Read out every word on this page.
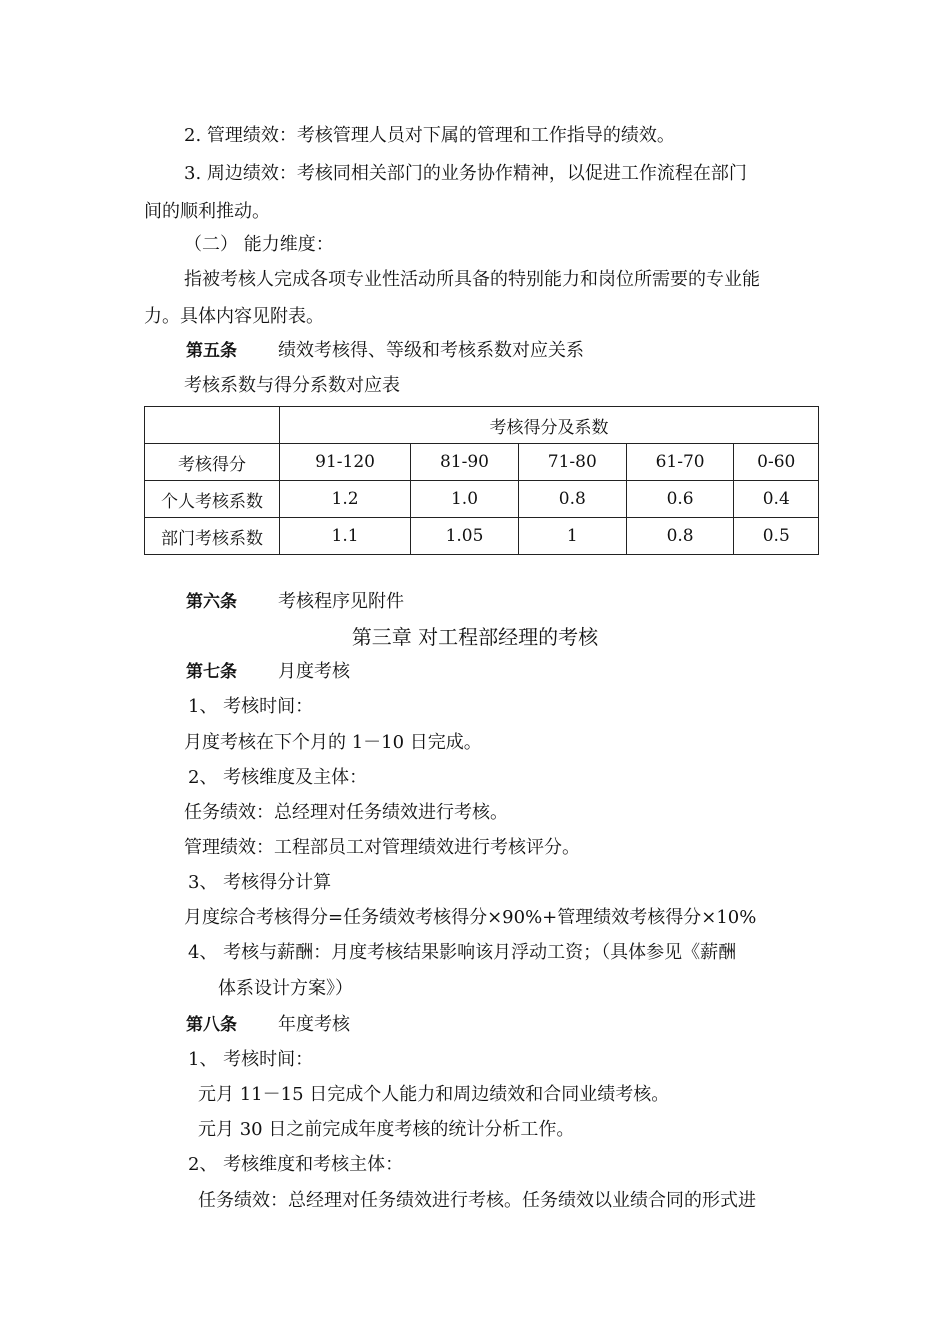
2. 管理绩效：考核管理人员对下属的管理和工作指导的绩效。
3. 周边绩效：考核同相关部门的业务协作精神，以促进工作流程在部门
间的顺利推动。
（二） 能力维度：
指被考核人完成各项专业性活动所具备的特别能力和岗位所需要的专业能
力。具体内容见附表。
第五条 绩效考核得、等级和考核系数对应关系
考核系数与得分系数对应表
	考核得分及系数				
考核得分	91-120	81-90	71-80	61-70	0-60
个人考核系数	1.2	1.0	0.8	0.6	0.4
部门考核系数	1.1	1.05	1	0.8	0.5
第六条 考核程序见附件
第三章 对工程部经理的考核
第七条 月度考核
1、 考核时间：
月度考核在下个月的 1－10 日完成。
2、 考核维度及主体：
任务绩效：总经理对任务绩效进行考核。
管理绩效：工程部员工对管理绩效进行考核评分。
3、 考核得分计算
月度综合考核得分=任务绩效考核得分×90%+管理绩效考核得分×10%
4、 考核与薪酬：月度考核结果影响该月浮动工资；（具体参见《薪酬
体系设计方案》）
第八条 年度考核
1、 考核时间：
元月 11－15 日完成个人能力和周边绩效和合同业绩考核。
元月 30 日之前完成年度考核的统计分析工作。
2、 考核维度和考核主体：
任务绩效：总经理对任务绩效进行考核。任务绩效以业绩合同的形式进
